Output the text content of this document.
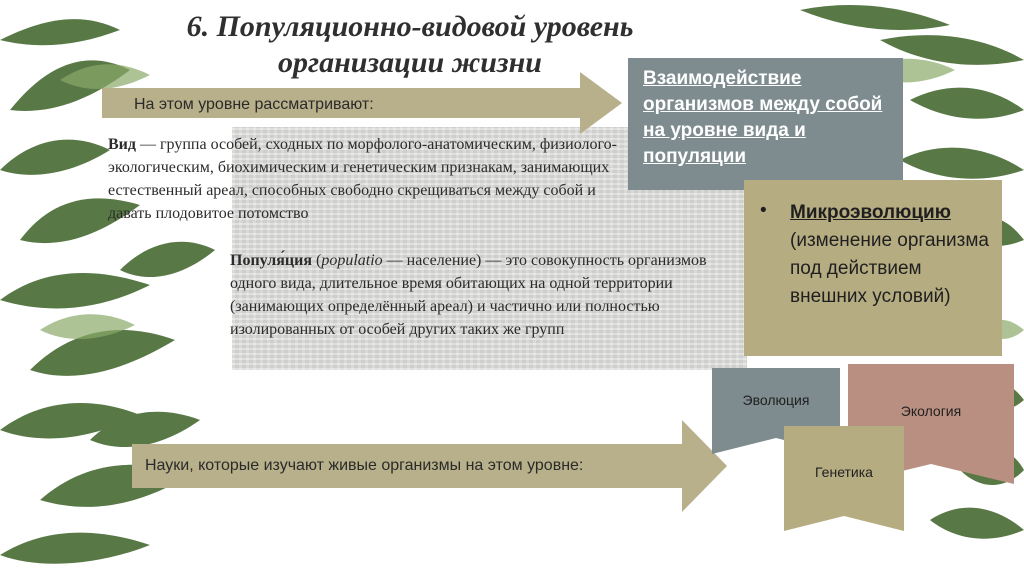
6. Популяционно-видовой уровень
организации жизни
На этом уровне рассматривают:
Вид — группа особей, сходных по морфолого-анатомическим, физиолого-экологическим, биохимическим и генетическим признакам, занимающих естественный ареал, способных свободно скрещиваться между собой и давать плодовитое потомство
Популя́ция (populatio — население) — это совокупность организмов одного вида, длительное время обитающих на одной территории (занимающих определённый ареал) и частично или полностью изолированных от особей других таких же групп
Взаимодействие организмов между собой на уровне вида и популяции
• Микроэволюцию
(изменение организма под действием внешних условий)
Науки, которые изучают живые организмы на этом уровне:
Эволюция
Экология
Генетика
